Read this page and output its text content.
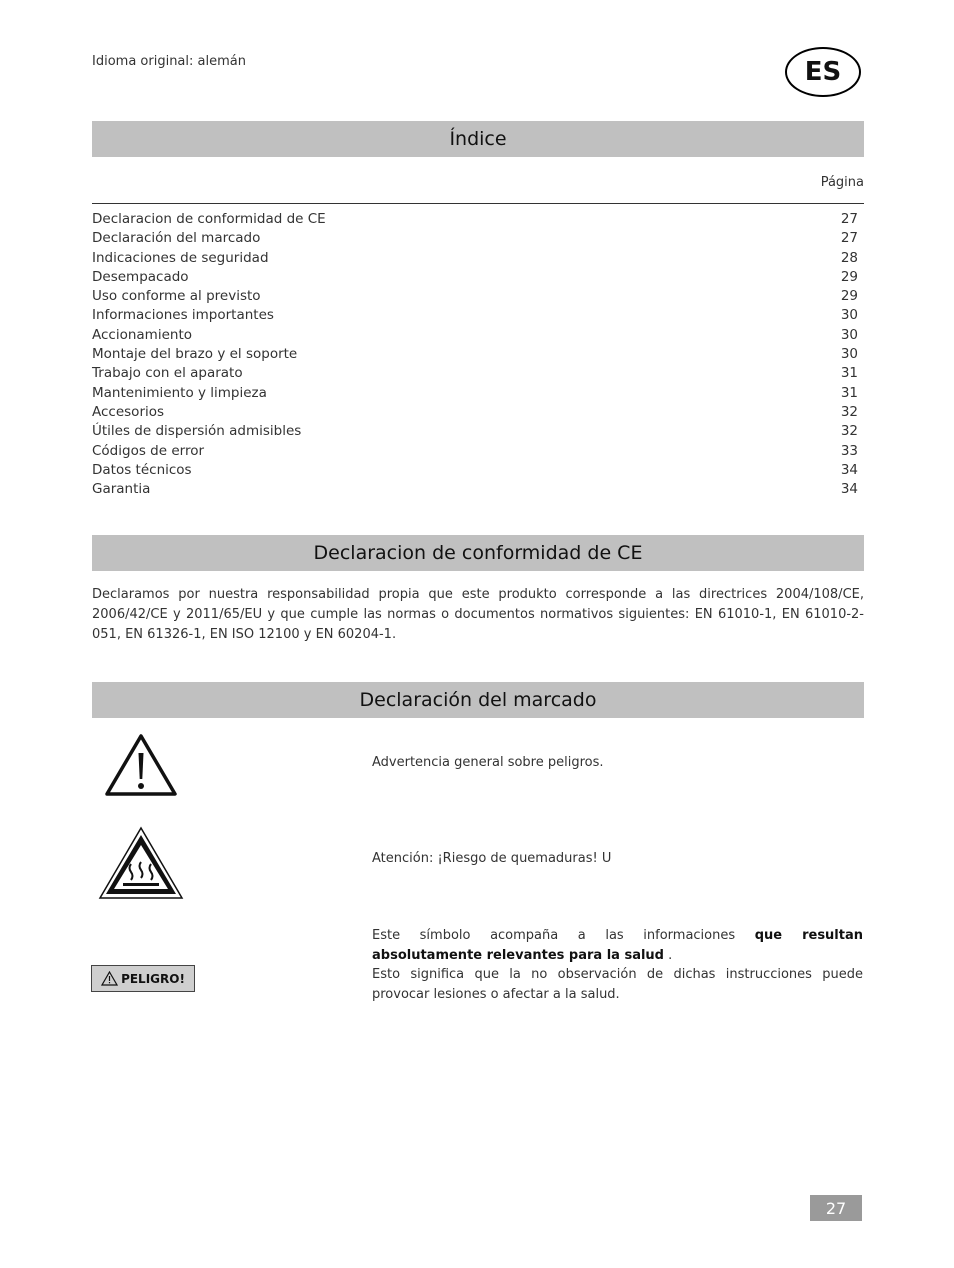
Idioma original: alemán	ES
Índice
Página
Declaracion de conformidad de CE	27
Declaración del marcado	27
Indicaciones de seguridad	28
Desempacado	29
Uso conforme al previsto	29
Informaciones importantes	30
Accionamiento	30
Montaje del brazo y el soporte	30
Trabajo con el aparato	31
Mantenimiento y limpieza	31
Accesorios	32
Útiles de dispersión admisibles	32
Códigos de error	33
Datos técnicos	34
Garantia	34
Declaracion de conformidad de CE
Declaramos por nuestra responsabilidad propia que este produkto corresponde a las directrices 2004/108/CE, 2006/42/CE y 2011/65/EU y que cumple las normas o documentos normativos siguientes: EN 61010-1, EN 61010-2-051, EN 61326-1, EN ISO 12100 y EN 60204-1.
Declaración del marcado
Advertencia general sobre peligros.
Atención: ¡Riesgo de quemaduras! U
Este símbolo acompaña a las informaciones que resultan absolutamente relevantes para la salud .
Esto significa que la no observación de dichas instrucciones puede provocar lesiones o afectar a la salud.
PELIGRO!
27
